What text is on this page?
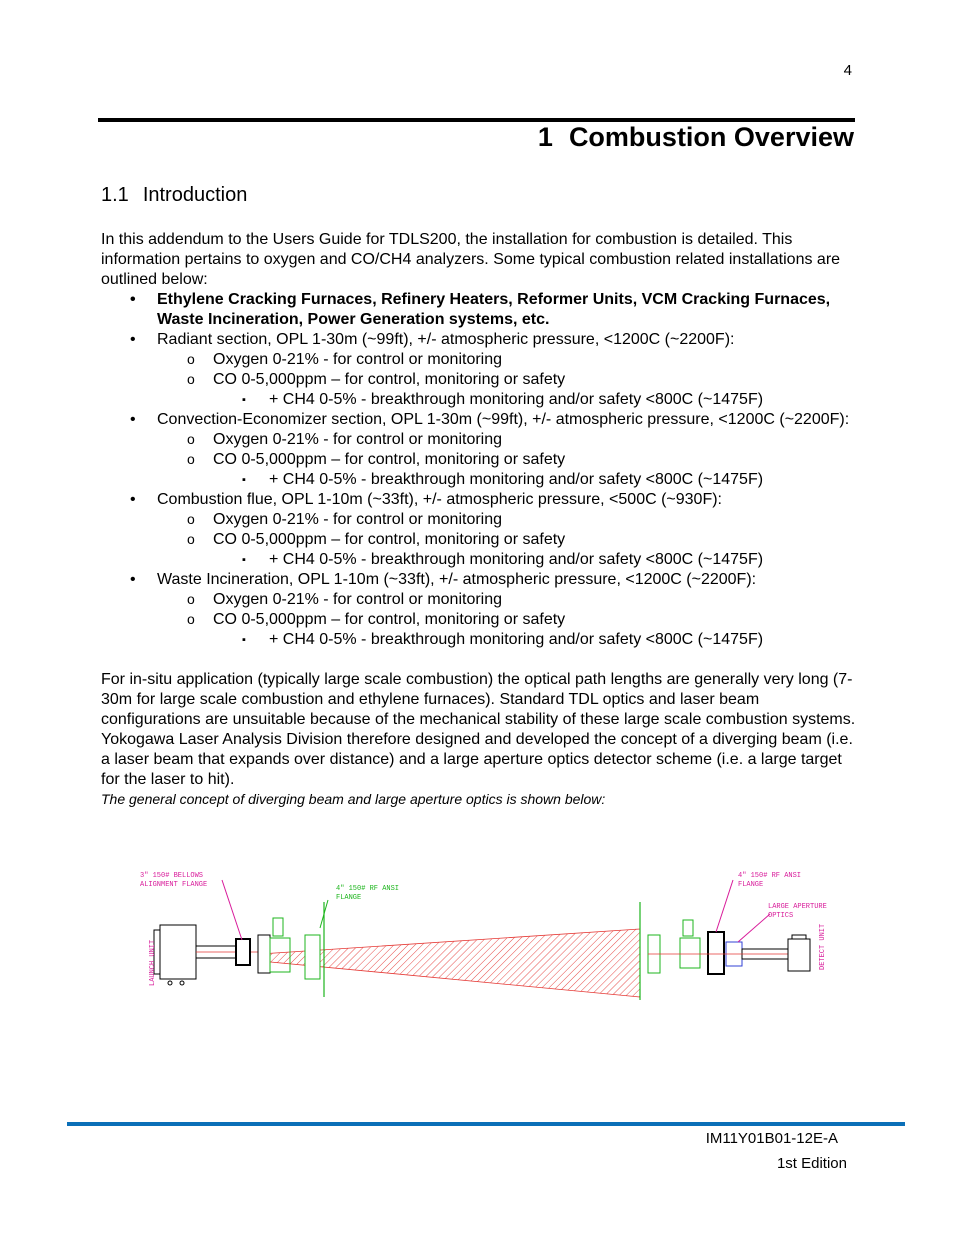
4
1 Combustion Overview
1.1 Introduction

In this addendum to the Users Guide for TDLS200, the installation for combustion is detailed. This information pertains to oxygen and CO/CH4 analyzers. Some typical combustion related installations are outlined below:

• Ethylene Cracking Furnaces, Refinery Heaters, Reformer Units, VCM Cracking Furnaces, Waste Incineration, Power Generation systems, etc.
• Radiant section, OPL 1-30m (~99ft), +/- atmospheric pressure, <1200C (~2200F):
o Oxygen 0-21% - for control or monitoring
o CO 0-5,000ppm – for control, monitoring or safety
▪ + CH4 0-5% - breakthrough monitoring and/or safety <800C (~1475F)
• Convection-Economizer section, OPL 1-30m (~99ft), +/- atmospheric pressure, <1200C (~2200F):
o Oxygen 0-21% - for control or monitoring
o CO 0-5,000ppm – for control, monitoring or safety
▪ + CH4 0-5% - breakthrough monitoring and/or safety <800C (~1475F)
• Combustion flue, OPL 1-10m (~33ft), +/- atmospheric pressure, <500C (~930F):
o Oxygen 0-21% - for control or monitoring
o CO 0-5,000ppm – for control, monitoring or safety
▪ + CH4 0-5% - breakthrough monitoring and/or safety <800C (~1475F)
• Waste Incineration, OPL 1-10m (~33ft), +/- atmospheric pressure, <1200C (~2200F):
o Oxygen 0-21% - for control or monitoring
o CO 0-5,000ppm – for control, monitoring or safety
▪ + CH4 0-5% - breakthrough monitoring and/or safety <800C (~1475F)

For in-situ application (typically large scale combustion) the optical path lengths are generally very long (7-30m for large scale combustion and ethylene furnaces). Standard TDL optics and laser beam configurations are unsuitable because of the mechanical stability of these large scale combustion systems. Yokogawa Laser Analysis Division therefore designed and developed the concept of a diverging beam (i.e. a laser beam that expands over distance) and a large aperture optics detector scheme (i.e. a large target for the laser to hit).

The general concept of diverging beam and large aperture optics is shown below:

3" 150# BELLOWS
ALIGNMENT FLANGE	4" 150# RF ANSI
FLANGE
4" 150# RF ANSI
FLANGE
LARGE APERTURE
OPTICS
LAUNCH UNIT	DETECT UNIT
IM11Y01B01-12E-A
1st Edition
